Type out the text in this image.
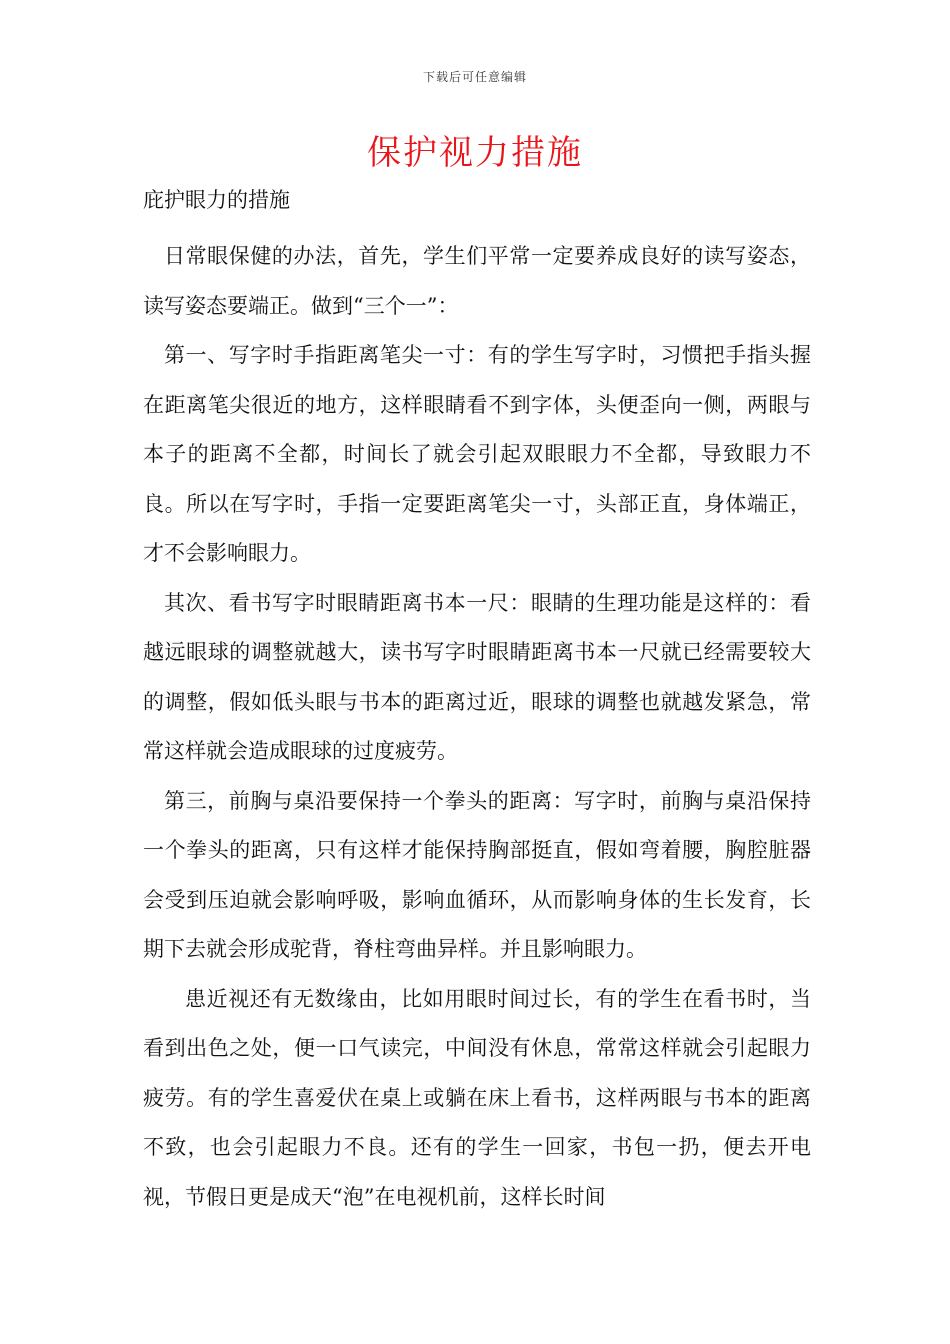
下载后可任意编辑
保护视力措施
庇护眼力的措施

日常眼保健的办法，首先，学生们平常一定要养成良好的读写姿态，读写姿态要端正。做到“三个一”：

第一、写字时手指距离笔尖一寸：有的学生写字时，习惯把手指头握在距离笔尖很近的地方，这样眼睛看不到字体，头便歪向一侧，两眼与本子的距离不全都，时间长了就会引起双眼眼力不全都，导致眼力不良。所以在写字时，手指一定要距离笔尖一寸，头部正直，身体端正，才不会影响眼力。

其次、看书写字时眼睛距离书本一尺：眼睛的生理功能是这样的：看越远眼球的调整就越大，读书写字时眼睛距离书本一尺就已经需要较大的调整，假如低头眼与书本的距离过近，眼球的调整也就越发紧急，常常这样就会造成眼球的过度疲劳。

第三，前胸与桌沿要保持一个拳头的距离：写字时，前胸与桌沿保持一个拳头的距离，只有这样才能保持胸部挺直，假如弯着腰，胸腔脏器会受到压迫就会影响呼吸，影响血循环，从而影响身体的生长发育，长期下去就会形成驼背，脊柱弯曲异样。并且影响眼力。

患近视还有无数缘由，比如用眼时间过长，有的学生在看书时，当看到出色之处，便一口气读完，中间没有休息，常常这样就会引起眼力疲劳。有的学生喜爱伏在桌上或躺在床上看书，这样两眼与书本的距离不致，也会引起眼力不良。还有的学生一回家，书包一扔，便去开电视，节假日更是成天“泡”在电视机前，这样长时间
